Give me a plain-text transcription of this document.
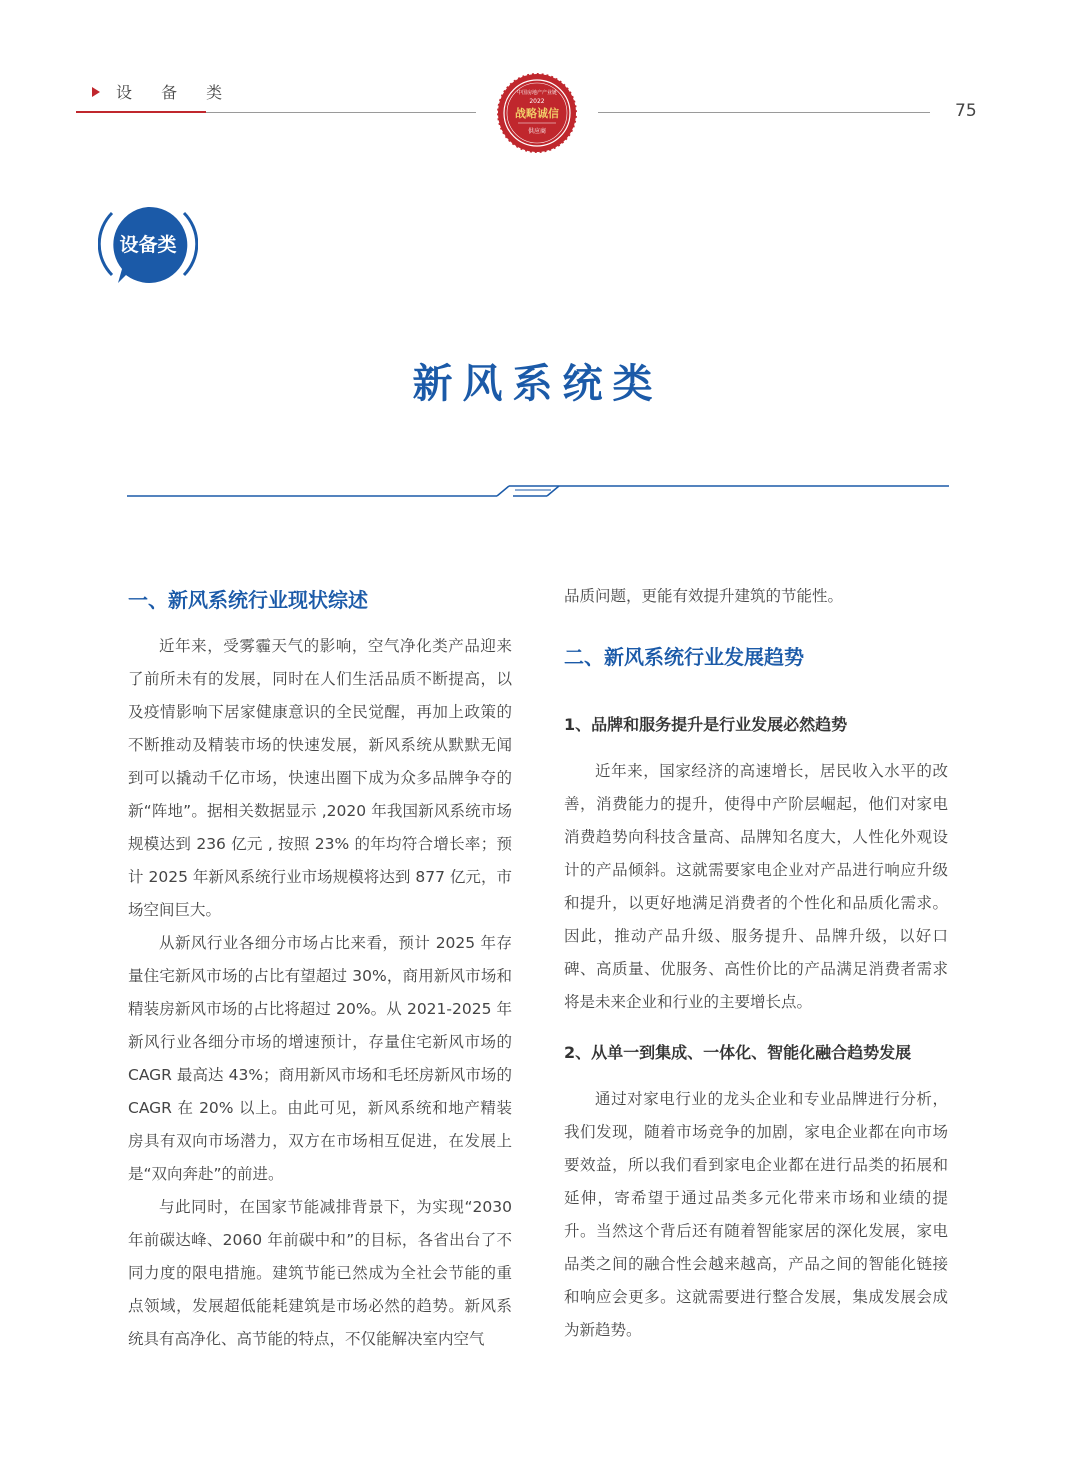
设 备 类
75
中国房地产产业链
2022
战略诚信
供应商
设备类
新风系统类
一、新风系统行业现状综述

近年来，受雾霾天气的影响，空气净化类产品迎来了前所未有的发展，同时在人们生活品质不断提高，以及疫情影响下居家健康意识的全民觉醒，再加上政策的不断推动及精装市场的快速发展，新风系统从默默无闻到可以撬动千亿市场，快速出圈下成为众多品牌争夺的新“阵地”。据相关数据显示 ,2020 年我国新风系统市场规模达到 236 亿元 , 按照 23% 的年均符合增长率；预计 2025 年新风系统行业市场规模将达到 877 亿元，市场空间巨大。

从新风行业各细分市场占比来看，预计 2025 年存量住宅新风市场的占比有望超过 30%，商用新风市场和精装房新风市场的占比将超过 20%。从 2021-2025 年新风行业各细分市场的增速预计，存量住宅新风市场的 CAGR 最高达 43%；商用新风市场和毛坯房新风市场的 CAGR 在 20% 以上。由此可见，新风系统和地产精装房具有双向市场潜力，双方在市场相互促进，在发展上是“双向奔赴”的前进。

与此同时，在国家节能减排背景下，为实现“2030 年前碳达峰、2060 年前碳中和”的目标，各省出台了不同力度的限电措施。建筑节能已然成为全社会节能的重点领域，发展超低能耗建筑是市场必然的趋势。新风系统具有高净化、高节能的特点，不仅能解决室内空气

品质问题，更能有效提升建筑的节能性。

二、新风系统行业发展趋势
1、品牌和服务提升是行业发展必然趋势

近年来，国家经济的高速增长，居民收入水平的改善，消费能力的提升，使得中产阶层崛起，他们对家电消费趋势向科技含量高、品牌知名度大，人性化外观设计的产品倾斜。这就需要家电企业对产品进行响应升级和提升，以更好地满足消费者的个性化和品质化需求。因此，推动产品升级、服务提升、品牌升级，以好口碑、高质量、优服务、高性价比的产品满足消费者需求将是未来企业和行业的主要增长点。

2、从单一到集成、一体化、智能化融合趋势发展

通过对家电行业的龙头企业和专业品牌进行分析，我们发现，随着市场竞争的加剧，家电企业都在向市场要效益，所以我们看到家电企业都在进行品类的拓展和延伸，寄希望于通过品类多元化带来市场和业绩的提升。当然这个背后还有随着智能家居的深化发展，家电品类之间的融合性会越来越高，产品之间的智能化链接和响应会更多。这就需要进行整合发展，集成发展会成为新趋势。
